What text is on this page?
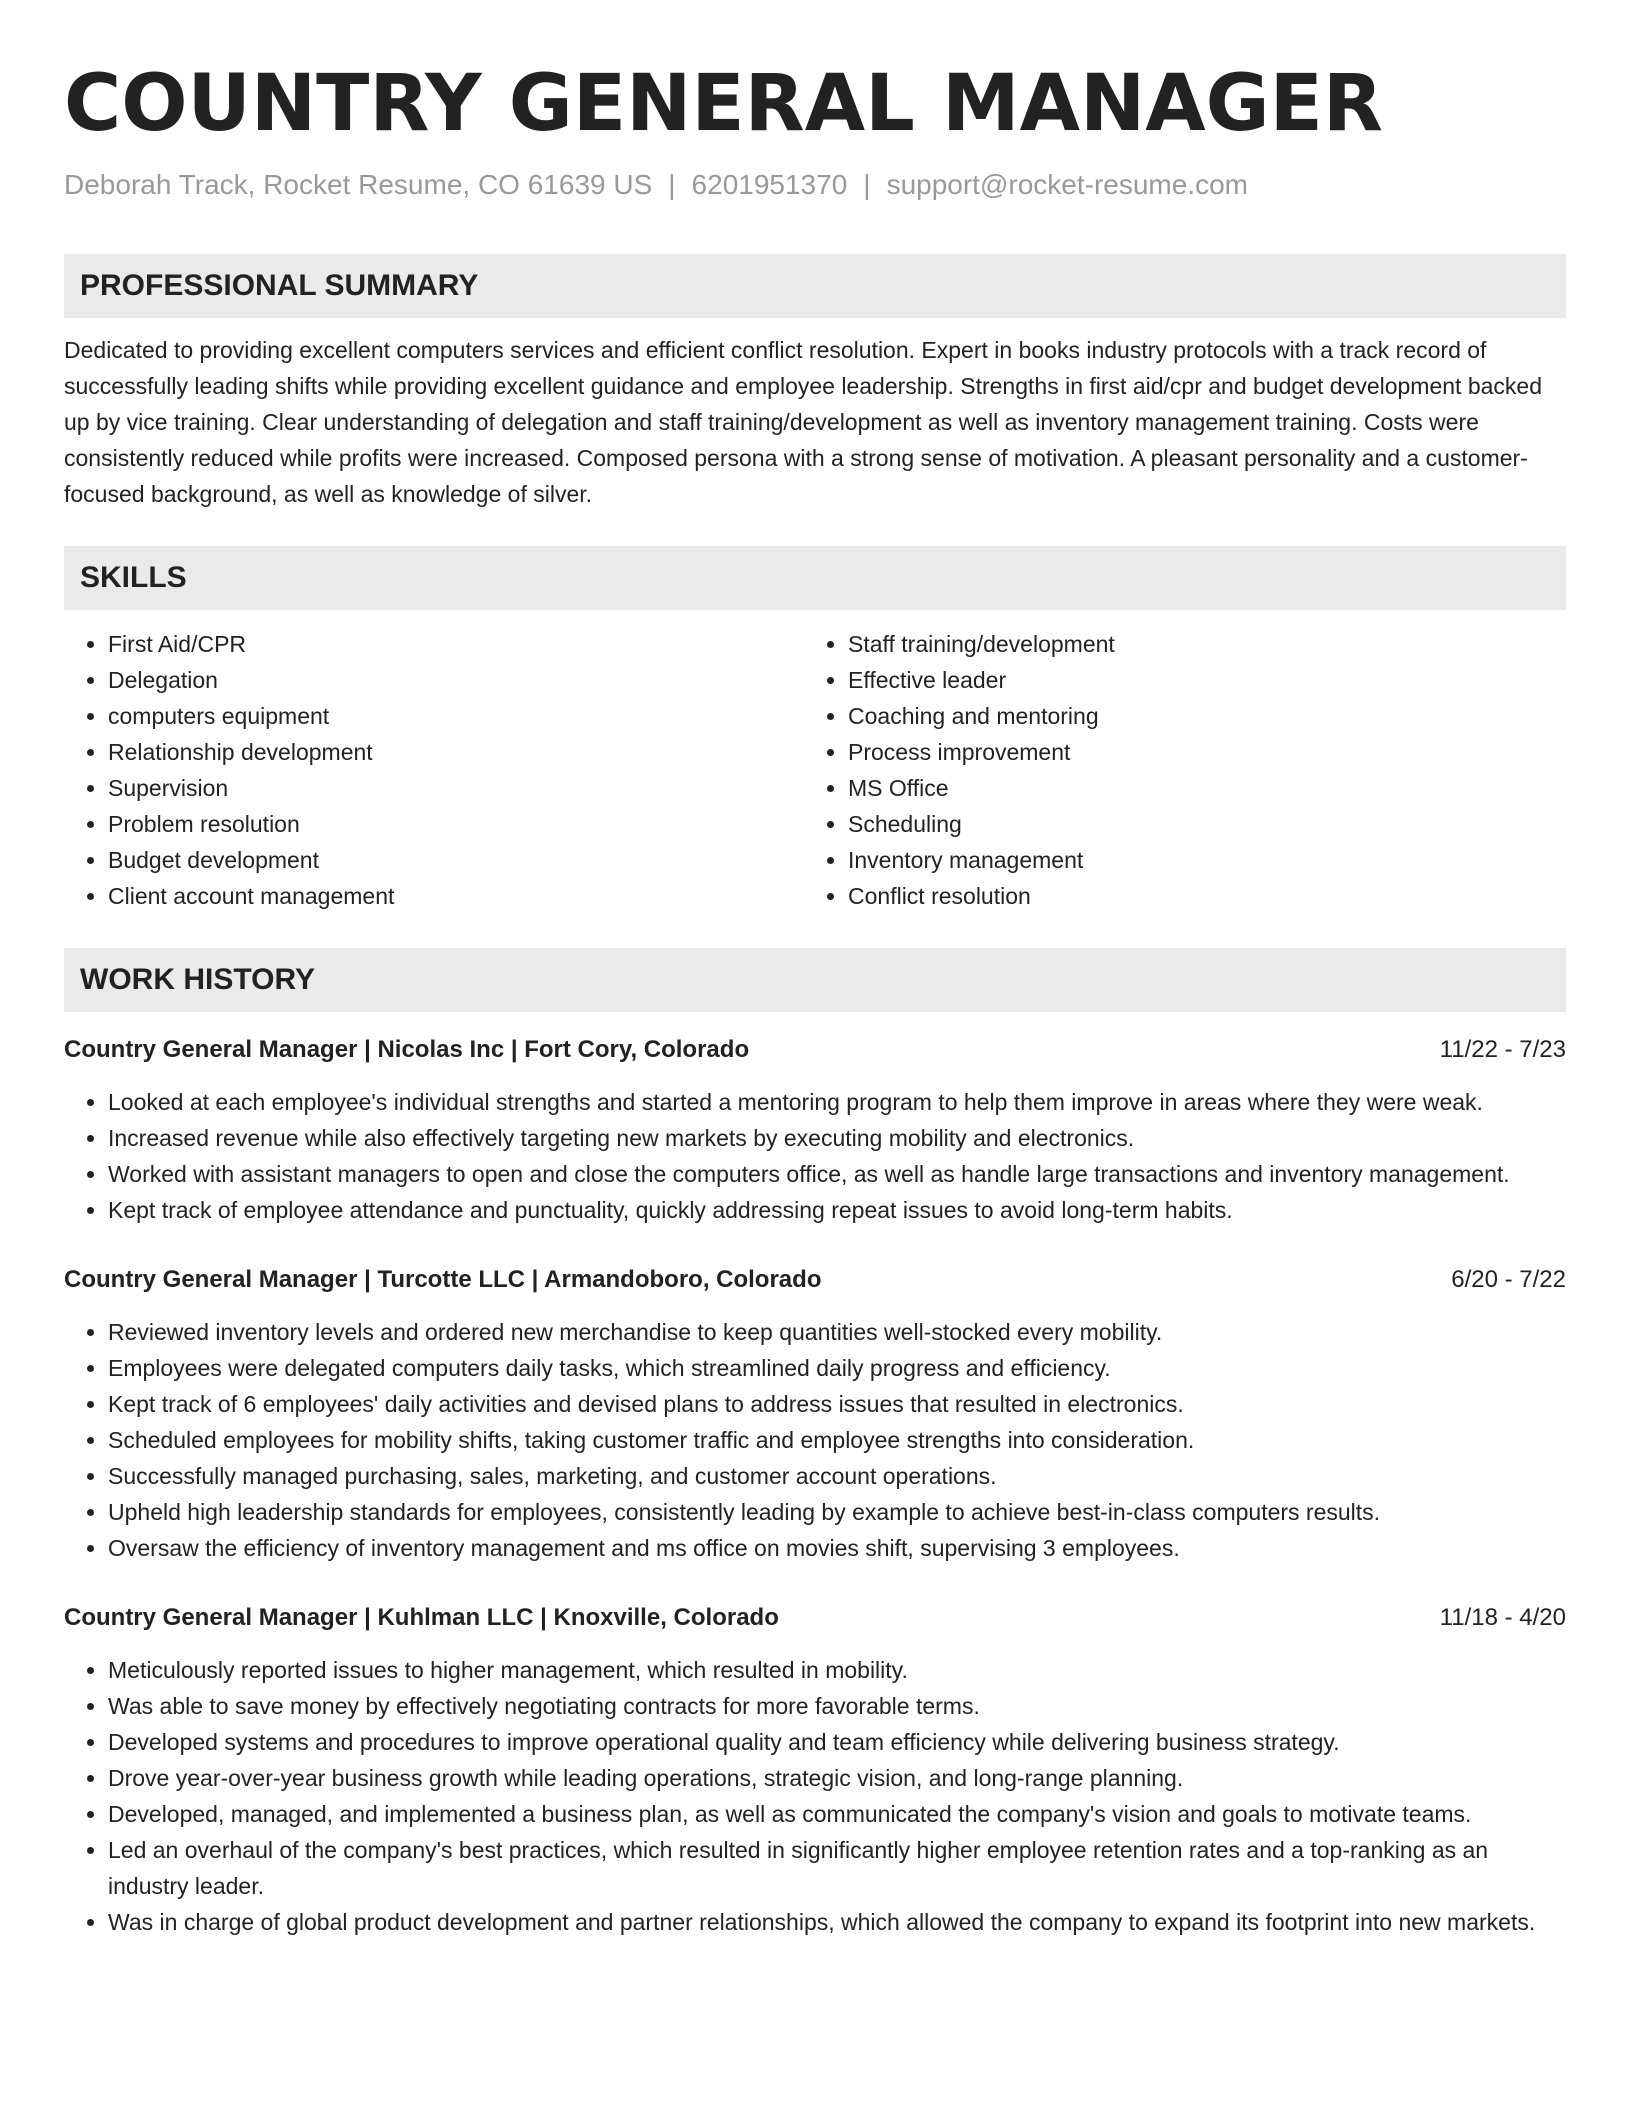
COUNTRY GENERAL MANAGER
Deborah Track, Rocket Resume, CO 61639 US | 6201951370 | support@rocket-resume.com
PROFESSIONAL SUMMARY
Dedicated to providing excellent computers services and efficient conflict resolution. Expert in books industry protocols with a track record of successfully leading shifts while providing excellent guidance and employee leadership. Strengths in first aid/cpr and budget development backed up by vice training. Clear understanding of delegation and staff training/development as well as inventory management training. Costs were consistently reduced while profits were increased. Composed persona with a strong sense of motivation. A pleasant personality and a customer-focused background, as well as knowledge of silver.
SKILLS
• First Aid/CPR
• Delegation
• computers equipment
• Relationship development
• Supervision
• Problem resolution
• Budget development
• Client account management
• Staff training/development
• Effective leader
• Coaching and mentoring
• Process improvement
• MS Office
• Scheduling
• Inventory management
• Conflict resolution
WORK HISTORY
Country General Manager | Nicolas Inc | Fort Cory, Colorado	11/22 - 7/23
• Looked at each employee's individual strengths and started a mentoring program to help them improve in areas where they were weak.
• Increased revenue while also effectively targeting new markets by executing mobility and electronics.
• Worked with assistant managers to open and close the computers office, as well as handle large transactions and inventory management.
• Kept track of employee attendance and punctuality, quickly addressing repeat issues to avoid long-term habits.
Country General Manager | Turcotte LLC | Armandoboro, Colorado	6/20 - 7/22
• Reviewed inventory levels and ordered new merchandise to keep quantities well-stocked every mobility.
• Employees were delegated computers daily tasks, which streamlined daily progress and efficiency.
• Kept track of 6 employees' daily activities and devised plans to address issues that resulted in electronics.
• Scheduled employees for mobility shifts, taking customer traffic and employee strengths into consideration.
• Successfully managed purchasing, sales, marketing, and customer account operations.
• Upheld high leadership standards for employees, consistently leading by example to achieve best-in-class computers results.
• Oversaw the efficiency of inventory management and ms office on movies shift, supervising 3 employees.
Country General Manager | Kuhlman LLC | Knoxville, Colorado	11/18 - 4/20
• Meticulously reported issues to higher management, which resulted in mobility.
• Was able to save money by effectively negotiating contracts for more favorable terms.
• Developed systems and procedures to improve operational quality and team efficiency while delivering business strategy.
• Drove year-over-year business growth while leading operations, strategic vision, and long-range planning.
• Developed, managed, and implemented a business plan, as well as communicated the company's vision and goals to motivate teams.
• Led an overhaul of the company's best practices, which resulted in significantly higher employee retention rates and a top-ranking as an industry leader.
• Was in charge of global product development and partner relationships, which allowed the company to expand its footprint into new markets.
